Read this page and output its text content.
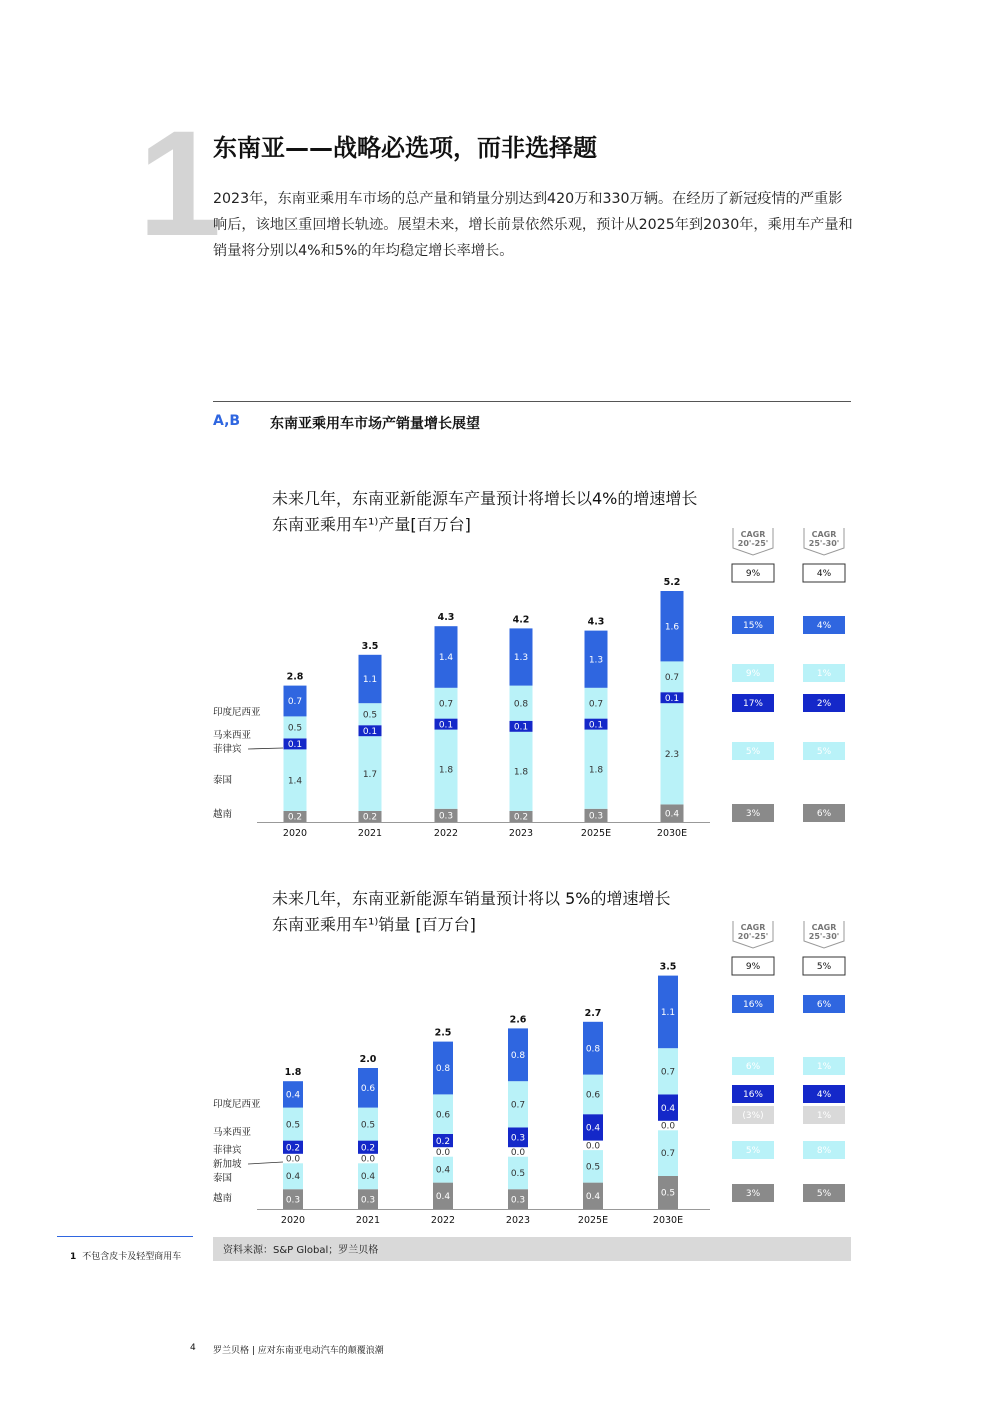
1
东南亚——战略必选项，而非选择题
2023年，东南亚乘用车市场的总产量和销量分别达到420万和330万辆。在经历了新冠疫情的严重影响后，该地区重回增长轨迹。展望未来，增长前景依然乐观，预计从2025年到2030年，乘用车产量和销量将分别以4%和5%的年均稳定增长率增长。
A,B 东南亚乘用车市场产销量增长展望
未来几年，东南亚新能源车产量预计将增长以4%的增速增长
东南亚乘用车¹⁾产量[百万台]
未来几年，东南亚新能源车销量预计将以 5%的增速增长
东南亚乘用车¹⁾销量 [百万台]
0.2
1.4
0.1
0.5
0.7
2.8
2020
0.2
1.7
0.1
0.5
1.1
3.5
2021
0.3
1.8
0.1
0.7
1.4
4.3
2022
0.2
1.8
0.1
0.8
1.3
4.2
2023
0.3
1.8
0.1
0.7
1.3
4.3
2025E
0.4
2.3
0.1
0.7
1.6
5.2
2030E
越南
泰国
菲律宾
马来西亚
印度尼西亚
CAGR
20'-25'
CAGR
25'-30'
9%	4%
15%	4%
9%	1%
17%	2%
5%	5%
3%	6%
0.3
0.4
0.0
0.2
0.5
0.4
1.8
2020
0.3
0.4
0.0
0.2
0.5
0.6
2.0
2021
0.4
0.4
0.0
0.2
0.6
0.8
2.5
2022
0.3
0.5
0.0
0.3
0.7
0.8
2.6
2023
0.4
0.5
0.0
0.4
0.6
0.8
2.7
2025E
0.5
0.7
0.0
0.4
0.7
1.1
3.5
2030E
越南
泰国
新加坡
菲律宾
马来西亚
印度尼西亚
CAGR
20'-25'
CAGR
25'-30'
9%	5%
16%	6%
6%	1%
16%	4%
(3%)	1%
5%	8%
3%	5%
1 不包含皮卡及轻型商用车
资料来源：S&P Global；罗兰贝格
4 罗兰贝格 | 应对东南亚电动汽车的颠覆浪潮
